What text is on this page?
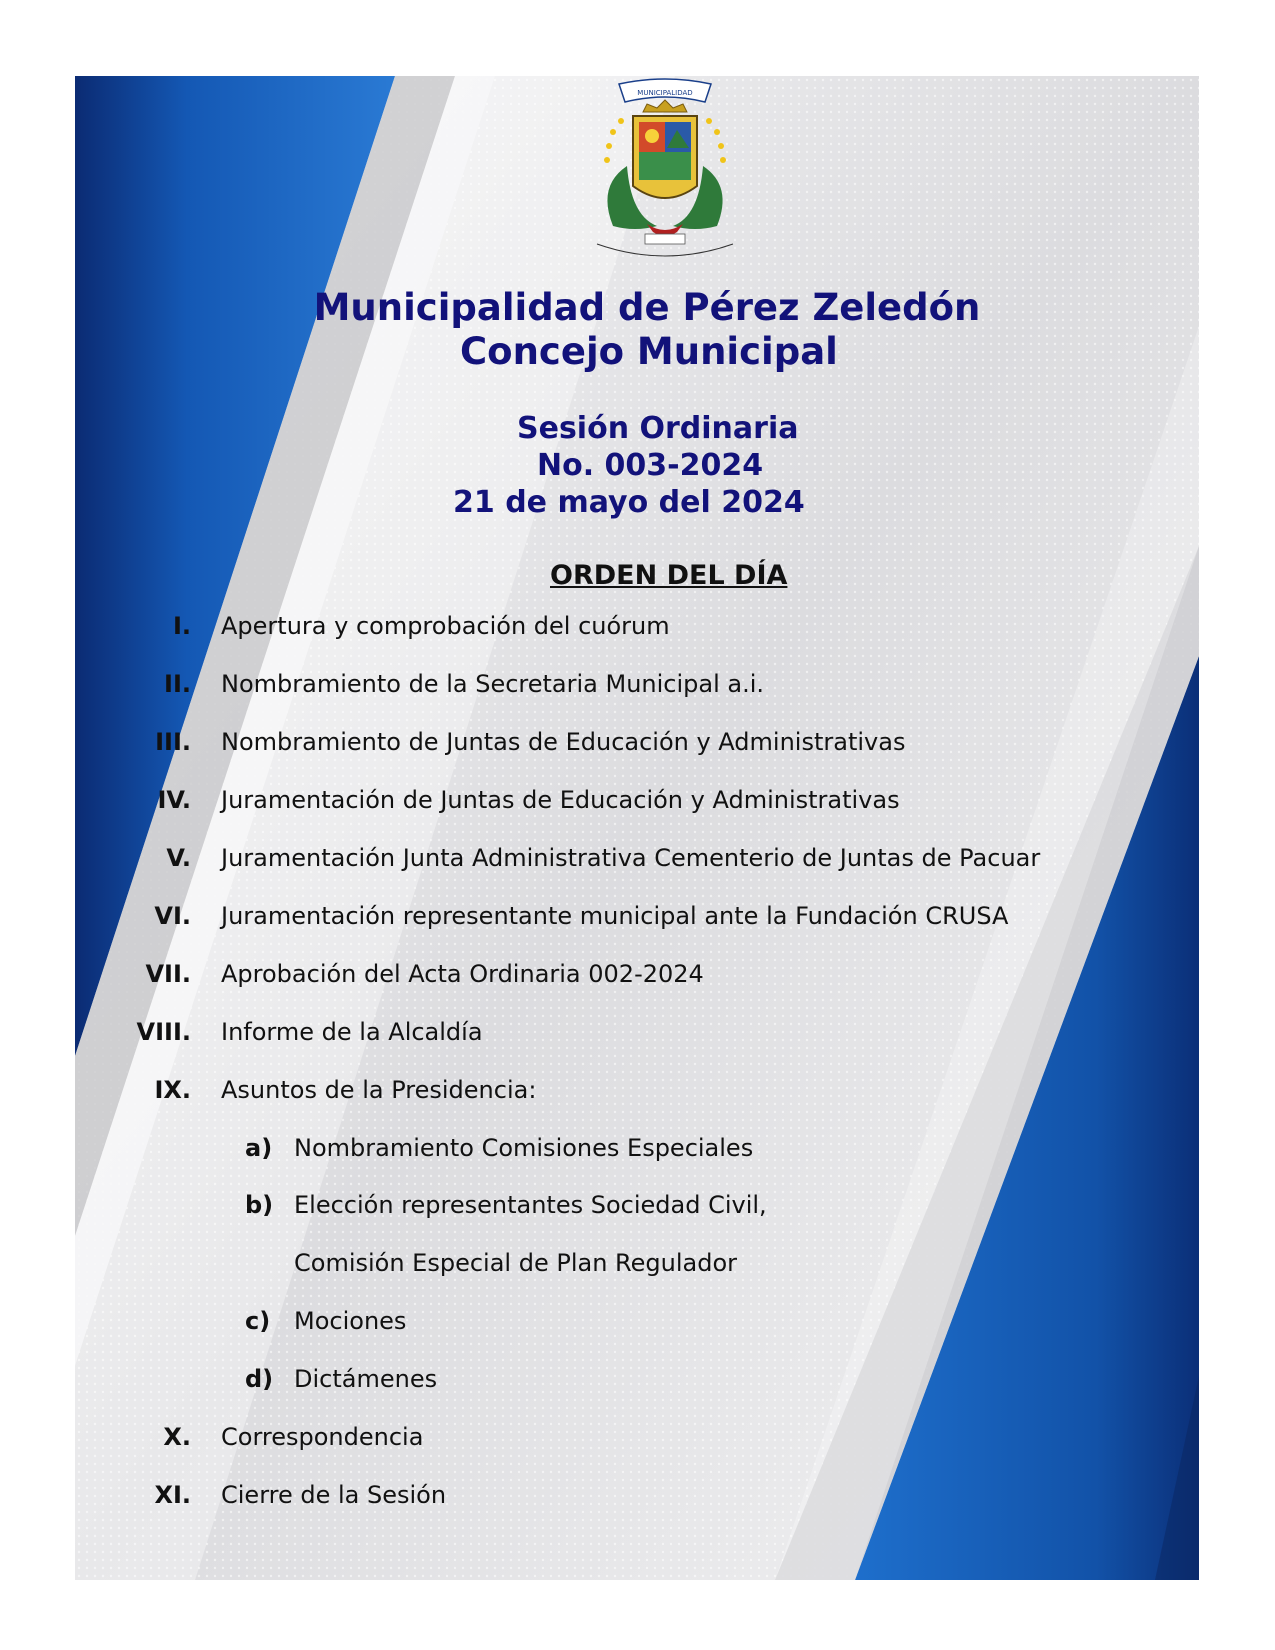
MUNICIPALIDAD
Municipalidad de Pérez Zeledón
Concejo Municipal
Sesión Ordinaria
No. 003-2024
21 de mayo del 2024
ORDEN DEL DÍA
I. Apertura y comprobación del cuórum
II. Nombramiento de la Secretaria Municipal a.i.
III. Nombramiento de Juntas de Educación y Administrativas
IV. Juramentación de Juntas de Educación y Administrativas
V. Juramentación Junta Administrativa Cementerio de Juntas de Pacuar
VI. Juramentación representante municipal ante la Fundación CRUSA
VII. Aprobación del Acta Ordinaria 002-2024
VIII. Informe de la Alcaldía
IX. Asuntos de la Presidencia:
a) Nombramiento Comisiones Especiales
b) Elección representantes Sociedad Civil,
Comisión Especial de Plan Regulador
c) Mociones
d) Dictámenes
X. Correspondencia
XI. Cierre de la Sesión
